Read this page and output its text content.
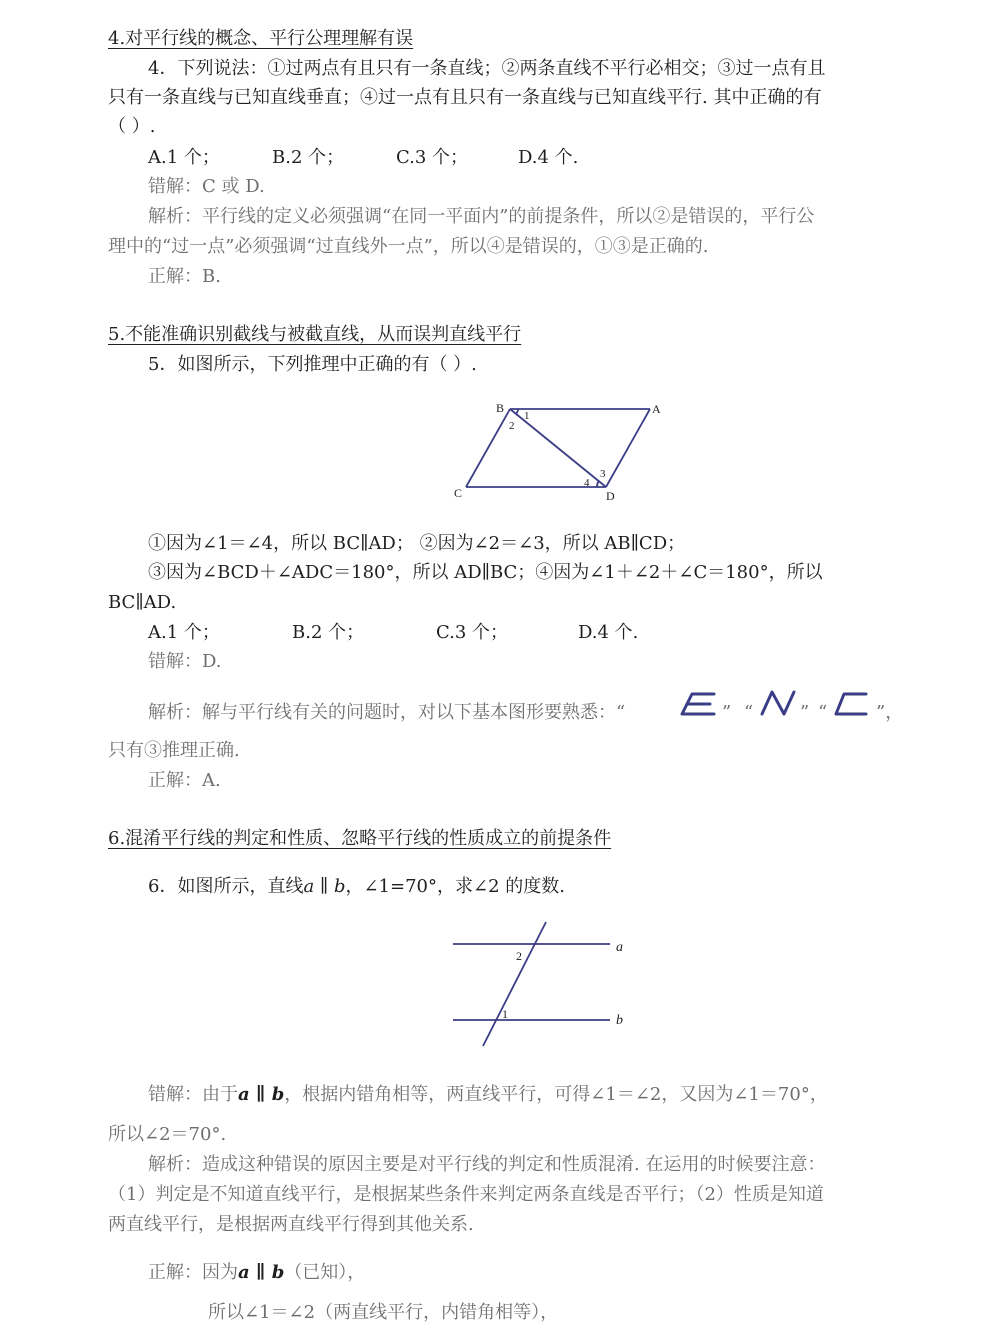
4.对平行线的概念、平行公理理解有误
4．下列说法：①过两点有且只有一条直线；②两条直线不平行必相交；③过一点有且
只有一条直线与已知直线垂直；④过一点有且只有一条直线与已知直线平行. 其中正确的有
（ ）.
A.1 个；	B.2 个；	C.3 个；	D.4 个.
错解：C 或 D.
解析：平行线的定义必须强调“在同一平面内”的前提条件，所以②是错误的，平行公
理中的“过一点”必须强调“过直线外一点”，所以④是错误的，①③是正确的.
正解：B.
5.不能准确识别截线与被截直线，从而误判直线平行
5．如图所示，下列推理中正确的有（ ）.
B	A
C	D
1
2
3
4
①因为∠1＝∠4，所以 BC∥AD； ②因为∠2＝∠3，所以 AB∥CD；
③因为∠BCD＋∠ADC＝180°，所以 AD∥BC；④因为∠1＋∠2＋∠C＝180°，所以
BC∥AD.
A.1 个；	B.2 个；	C.3 个；	D.4 个.
错解：D.
解析：解与平行线有关的问题时，对以下基本图形要熟悉：“	” “	” “	”，
只有③推理正确.
正解：A.
6.混淆平行线的判定和性质、忽略平行线的性质成立的前提条件
6．如图所示，直线a ∥ b，∠1=70°，求∠2 的度数.
a
b
2
1
错解：由于a ∥ b，根据内错角相等，两直线平行，可得∠1＝∠2，又因为∠1＝70°，
所以∠2＝70°.
解析：造成这种错误的原因主要是对平行线的判定和性质混淆. 在运用的时候要注意：
（1）判定是不知道直线平行，是根据某些条件来判定两条直线是否平行；（2）性质是知道
两直线平行，是根据两直线平行得到其他关系.
正解：因为a ∥ b（已知），
所以∠1＝∠2（两直线平行，内错角相等），
